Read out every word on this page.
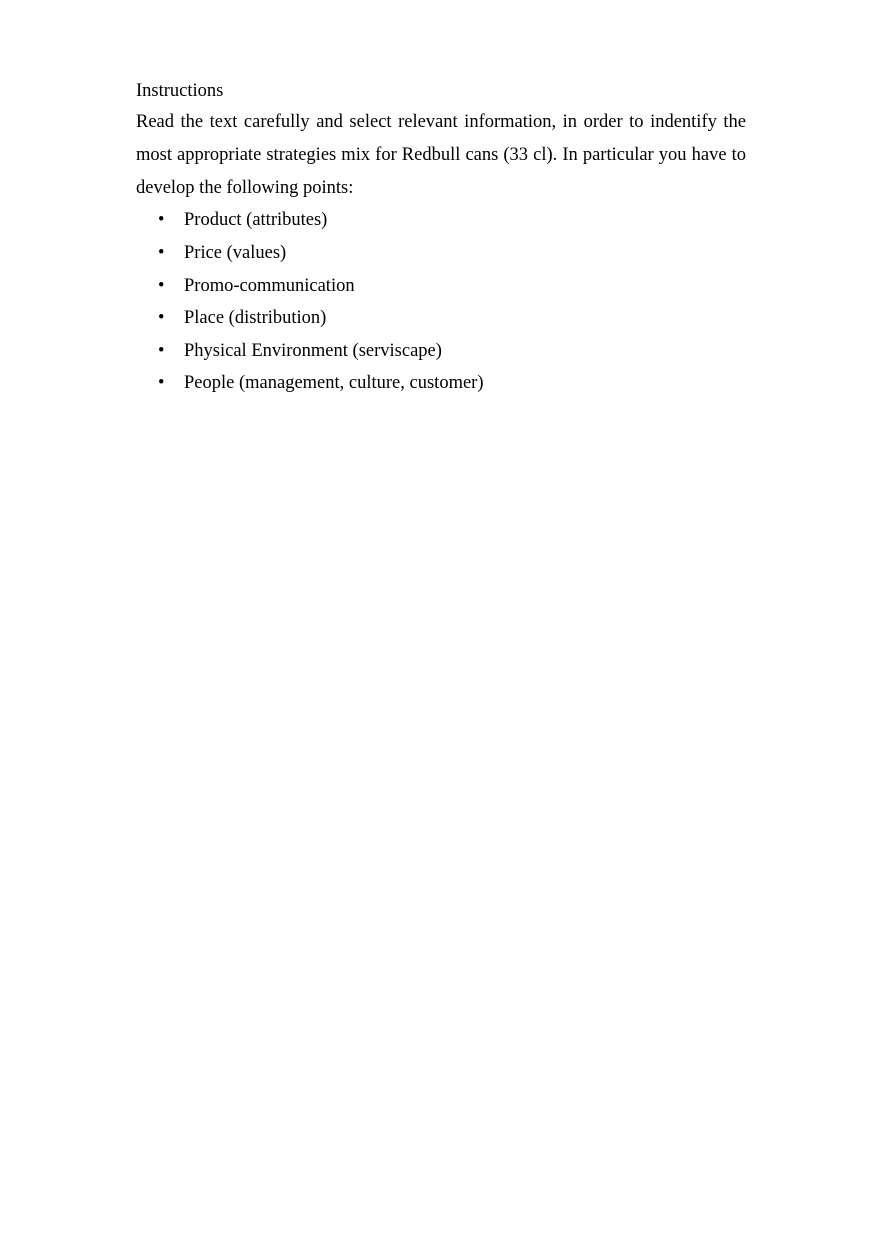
Instructions

Read the text carefully and select relevant information, in order to indentify the most appropriate strategies mix for Redbull cans (33 cl). In particular you have to develop the following points:

•	Product (attributes)
•	Price (values)
•	Promo-communication
•	Place (distribution)
•	Physical Environment (serviscape)
•	People (management, culture, customer)
